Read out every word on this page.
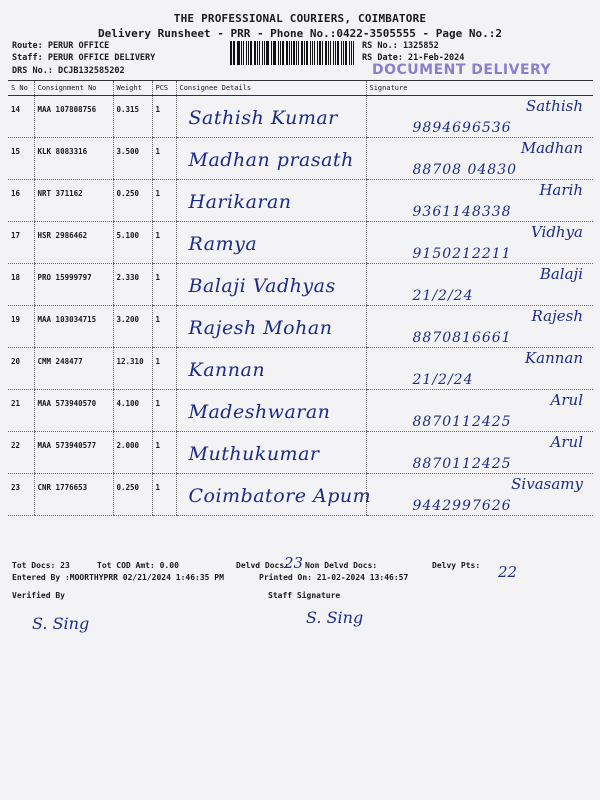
THE PROFESSIONAL COURIERS, COIMBATORE
Delivery Runsheet - PRR - Phone No.:0422-3505555 - Page No.:2
Route: PERUR OFFICE
Staff: PERUR OFFICE DELIVERY
DRS No.: DCJB132585202
RS No.: 1325852
RS Date: 21-Feb-2024
DOCUMENT DELIVERY
S No	Consignment No	Weight	PCS	Consignee Details	Signature
14	MAA 107808756	0.315	1	Sathish Kumar	Sathish
9894696536

15	KLK 8083316	3.500	1	Madhan prasath	Madhan
88708 04830

16	NRT 371162	0.250	1	Harikaran	Harih
9361148338

17	HSR 2986462	5.100	1	Ramya	Vidhya
9150212211

18	PRO 15999797	2.330	1	Balaji Vadhyas	Balaji
21/2/24

19	MAA 103034715	3.200	1	Rajesh Mohan	Rajesh
8870816661

20	CMM 248477	12.310	1	Kannan	Kannan
21/2/24

21	MAA 573940570	4.100	1	Madeshwaran	Arul
8870112425

22	MAA 573940577	2.000	1	Muthukumar	Arul
8870112425

23	CNR 1776653	0.250	1	Coimbatore Apum	Sivasamy
9442997626
Tot Docs: 23	Tot COD Amt: 0.00	Delvd Docs:
23 Non Delvd Docs:	Delvy Pts: 22
Entered By :MOORTHYPRR 02/21/2024 1:46:35 PM	Printed On: 21-02-2024 13:46:57
Verified By	Staff Signature
S. Sing	S. Sing
